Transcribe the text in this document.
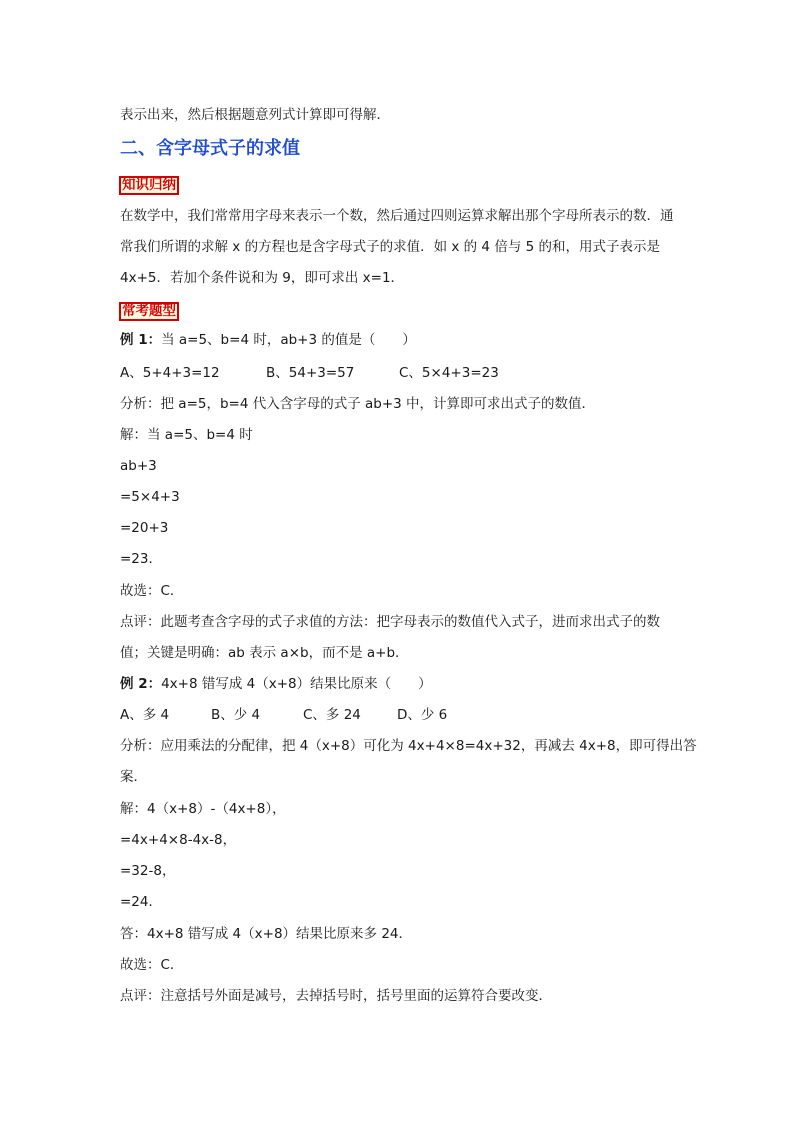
表示出来，然后根据题意列式计算即可得解．
二、含字母式子的求值
知识归纳
在数学中，我们常常用字母来表示一个数，然后通过四则运算求解出那个字母所表示的数．通
常我们所谓的求解 x 的方程也是含字母式子的求值．如 x 的 4 倍与 5 的和，用式子表示是
4x+5．若加个条件说和为 9，即可求出 x=1．
常考题型
例 1：当 a=5、b=4 时，ab+3 的值是（　　）
A、5+4+3=12	B、54+3=57	C、5×4+3=23
分析：把 a=5，b=4 代入含字母的式子 ab+3 中，计算即可求出式子的数值．
解：当 a=5、b=4 时
ab+3
=5×4+3
=20+3
=23．
故选：C．
点评：此题考查含字母的式子求值的方法：把字母表示的数值代入式子，进而求出式子的数
值；关键是明确：ab 表示 a×b，而不是 a+b．
例 2：4x+8 错写成 4（x+8）结果比原来（　　）
A、多 4	B、少 4	C、多 24	D、少 6
分析：应用乘法的分配律，把 4（x+8）可化为 4x+4×8=4x+32，再减去 4x+8，即可得出答
案．
解：4（x+8）-（4x+8），
=4x+4×8-4x-8，
=32-8，
=24．
答：4x+8 错写成 4（x+8）结果比原来多 24．
故选：C．
点评：注意括号外面是减号，去掉括号时，括号里面的运算符合要改变．
